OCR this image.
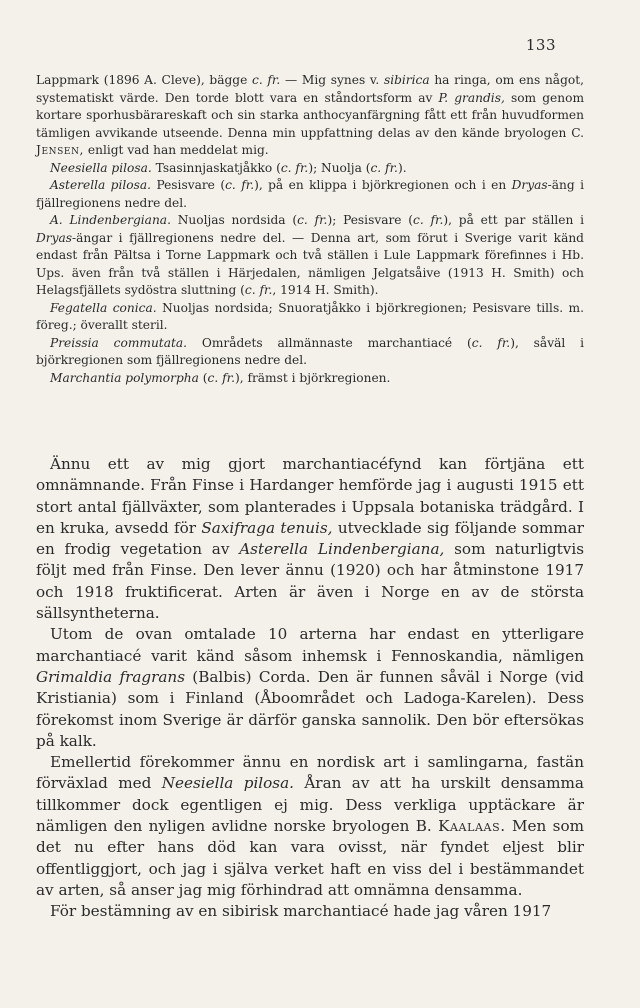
133

Lappmark (1896 A. Cleve), bägge c. fr. — Mig synes v. sibirica ha ringa, om ens något, systematiskt värde. Den torde blott vara en ståndortsform av P. grandis, som genom kortare sporhusbärareskaft och sin starka anthocyanfärgning fått ett från huvudformen tämligen avvikande utseende. Denna min uppfattning delas av den kände bryologen C. Jensen, enligt vad han meddelat mig.

Neesiella pilosa. Tsasinnjaskatjåkko (c. fr.); Nuolja (c. fr.).

Asterella pilosa. Pesisvare (c. fr.), på en klippa i björkregionen och i en Dryas-äng i fjällregionens nedre del.

A. Lindenbergiana. Nuoljas nordsida (c. fr.); Pesisvare (c. fr.), på ett par ställen i Dryas-ängar i fjällregionens nedre del. — Denna art, som förut i Sverige varit känd endast från Pältsa i Torne Lappmark och två ställen i Lule Lappmark förefinnes i Hb. Ups. även från två ställen i Härjedalen, nämligen Jelgatsåive (1913 H. Smith) och Helagsfjällets sydöstra sluttning (c. fr., 1914 H. Smith).

Fegatella conica. Nuoljas nordsida; Snuoratjåkko i björkregionen; Pesisvare tills. m. föreg.; överallt steril.

Preissia commutata. Områdets allmännaste marchantiacé (c. fr.), såväl i björkregionen som fjällregionens nedre del.

Marchantia polymorpha (c. fr.), främst i björkregionen.

Ännu ett av mig gjort marchantiacéfynd kan förtjäna ett omnämnande. Från Finse i Hardanger hemförde jag i augusti 1915 ett stort antal fjällväxter, som planterades i Uppsala botaniska trädgård. I en kruka, avsedd för Saxifraga tenuis, utvecklade sig följande sommar en frodig vegetation av Asterella Lindenbergiana, som naturligtvis följt med från Finse. Den lever ännu (1920) och har åtminstone 1917 och 1918 fruktificerat. Arten är även i Norge en av de största sällsyntheterna.

Utom de ovan omtalade 10 arterna har endast en ytterligare marchantiacé varit känd såsom inhemsk i Fennoskandia, nämligen Grimaldia fragrans (Balbis) Corda. Den är funnen såväl i Norge (vid Kristiania) som i Finland (Åboområdet och Ladoga-Karelen). Dess förekomst inom Sverige är därför ganska sannolik. Den bör eftersökas på kalk.

Emellertid förekommer ännu en nordisk art i samlingarna, fastän förväxlad med Neesiella pilosa. Åran av att ha urskilt densamma tillkommer dock egentligen ej mig. Dess verkliga upptäckare är nämligen den nyligen avlidne norske bryologen B. Kaalaas. Men som det nu efter hans död kan vara ovisst, när fyndet eljest blir offentliggjort, och jag i själva verket haft en viss del i bestämmandet av arten, så anser jag mig förhindrad att omnämna densamma.

För bestämning av en sibirisk marchantiacé hade jag våren 1917
